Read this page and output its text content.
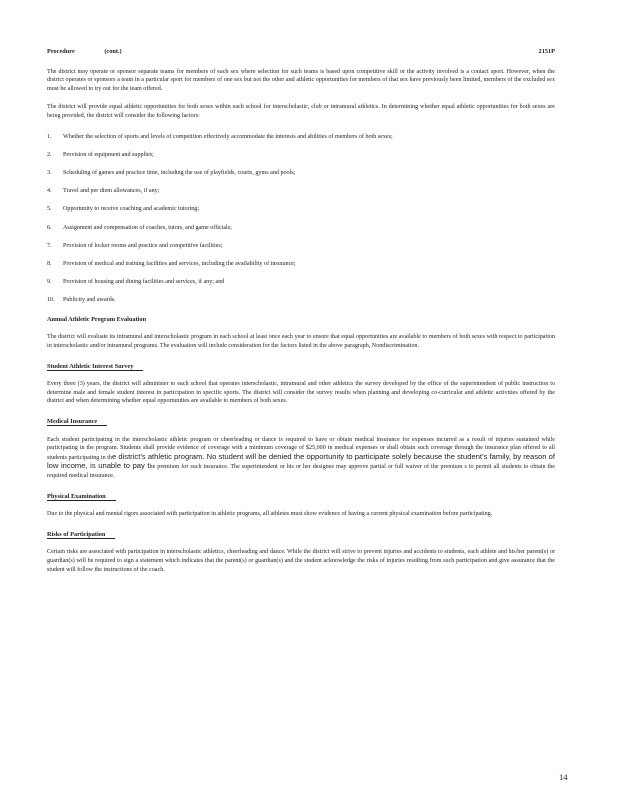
Procedure	(cont.)	2151P

The district may operate or sponsor separate teams for members of each sex where selection for such teams is based upon competitive skill or the activity involved is a contact sport. However, when the district operates or sponsors a team in a particular sport for members of one sex but not the other and athletic opportunities for members of that sex have previously been limited, members of the excluded sex must be allowed to try out for the team offered.

The district will provide equal athletic opportunities for both sexes within each school for interscholastic, club or intramural athletics. In determining whether equal athletic opportunities for both sexes are being provided, the district will consider the following factors:

1.	Whether the selection of sports and levels of competition effectively accommodate the interests and abilities of members of both sexes;
2.	Provision of equipment and supplies;
3.	Scheduling of games and practice time, including the use of playfields, courts, gyms and pools;
4.	Travel and per diem allowances, if any;
5.	Opportunity to receive coaching and academic tutoring;
6.	Assignment and compensation of coaches, tutors, and game officials;
7.	Provision of locker rooms and practice and competitive facilities;
8.	Provision of medical and training facilities and services, including the availability of insurance;
9.	Provision of housing and dining facilities and services, if any; and
10.	Publicity and awards.
Annual Athletic Program Evaluation

The district will evaluate its intramural and interscholastic program in each school at least once each year to ensure that equal opportunities are available to members of both sexes with respect to participation in interscholastic and/or intramural programs. The evaluation will include consideration for the factors listed in the above paragraph, Nondiscrimination.

Student Athletic Interest Survey

Every three (3) years, the district will administer to each school that operates interscholastic, intramural and other athletics the survey developed by the office of the superintendent of public instruction to determine male and female student interest in participation in specific sports. The district will consider the survey results when planning and developing co-curricular and athletic activities offered by the district and when determining whether equal opportunities are available to members of both sexes.

Medical Insurance

Each student participating in the interscholastic athletic program or cheerleading or dance is required to have or obtain medical insurance for expenses incurred as a result of injuries sustained while participating in the program. Students shall provide evidence of coverage with a minimum coverage of $25,000 in medical expenses or shall obtain such coverage through the insurance plan offered to all students participating in the district’s athletic program. No student will be denied the opportunity to participate solely because the student’s family, by reason of low income, is unable to pay the premium for such insurance. The superintendent or his or her designee may approve partial or full waiver of the premium s to permit all students to obtain the required medical insurance.

Physical Examination

Due to the physical and mental rigors associated with participation in athletic programs, all athletes must show evidence of having a current physical examination before participating.

Risks of Participation

Certain risks are associated with participation in interscholastic athletics, cheerleading and dance. While the district will strive to prevent injuries and accidents to students, each athlete and his/her parent(s) or guardian(s) will be required to sign a statement which indicates that the parent(s) or guardian(s) and the student acknowledge the risks of injuries resulting from such participation and give assurance that the student will follow the instructions of the coach.

14
